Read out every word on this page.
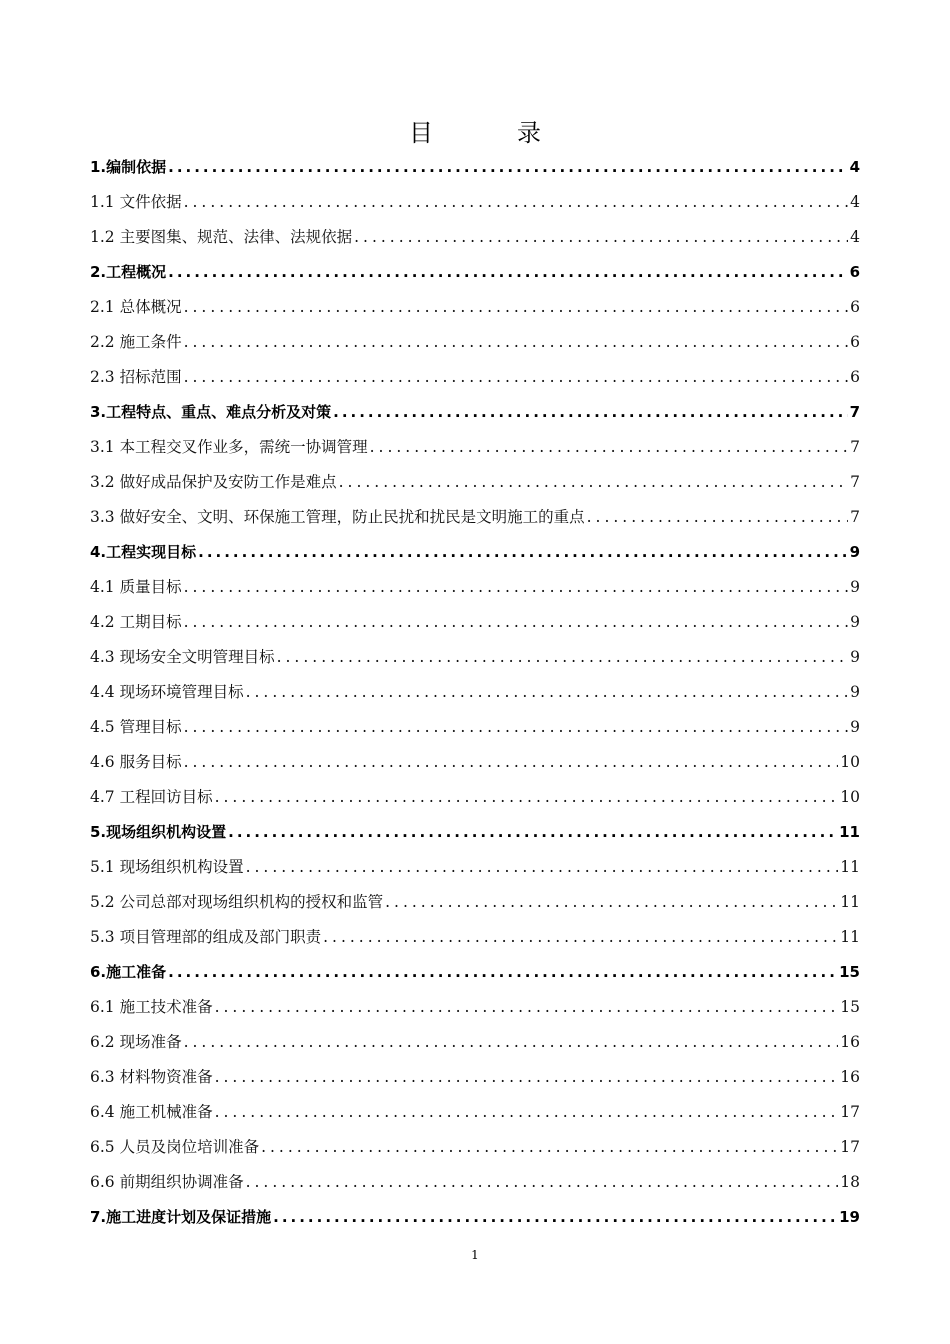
目　录
1.编制依据 .....	4
1.1 文件依据 .....	4
1.2 主要图集、规范、法律、法规依据 .....	4
2.工程概况 .....	6
2.1 总体概况 .....	6
2.2 施工条件 .....	6
2.3 招标范围 .....	6
3.工程特点、重点、难点分析及对策 .....	7
3.1 本工程交叉作业多，需统一协调管理 .....	7
3.2 做好成品保护及安防工作是难点 .....	7
3.3 做好安全、文明、环保施工管理，防止民扰和扰民是文明施工的重点 .....	7
4.工程实现目标 .....	9
4.1 质量目标 .....	9
4.2 工期目标 .....	9
4.3 现场安全文明管理目标 .....	9
4.4 现场环境管理目标 .....	9
4.5 管理目标 .....	9
4.6 服务目标 .....	10
4.7 工程回访目标 .....	10
5.现场组织机构设置 .....	11
5.1 现场组织机构设置 .....	11
5.2 公司总部对现场组织机构的授权和监管 .....	11
5.3 项目管理部的组成及部门职责 .....	11
6.施工准备 .....	15
6.1 施工技术准备 .....	15
6.2 现场准备 .....	16
6.3 材料物资准备 .....	16
6.4 施工机械准备 .....	17
6.5 人员及岗位培训准备 .....	17
6.6 前期组织协调准备 .....	18
7.施工进度计划及保证措施 .....	19
1
